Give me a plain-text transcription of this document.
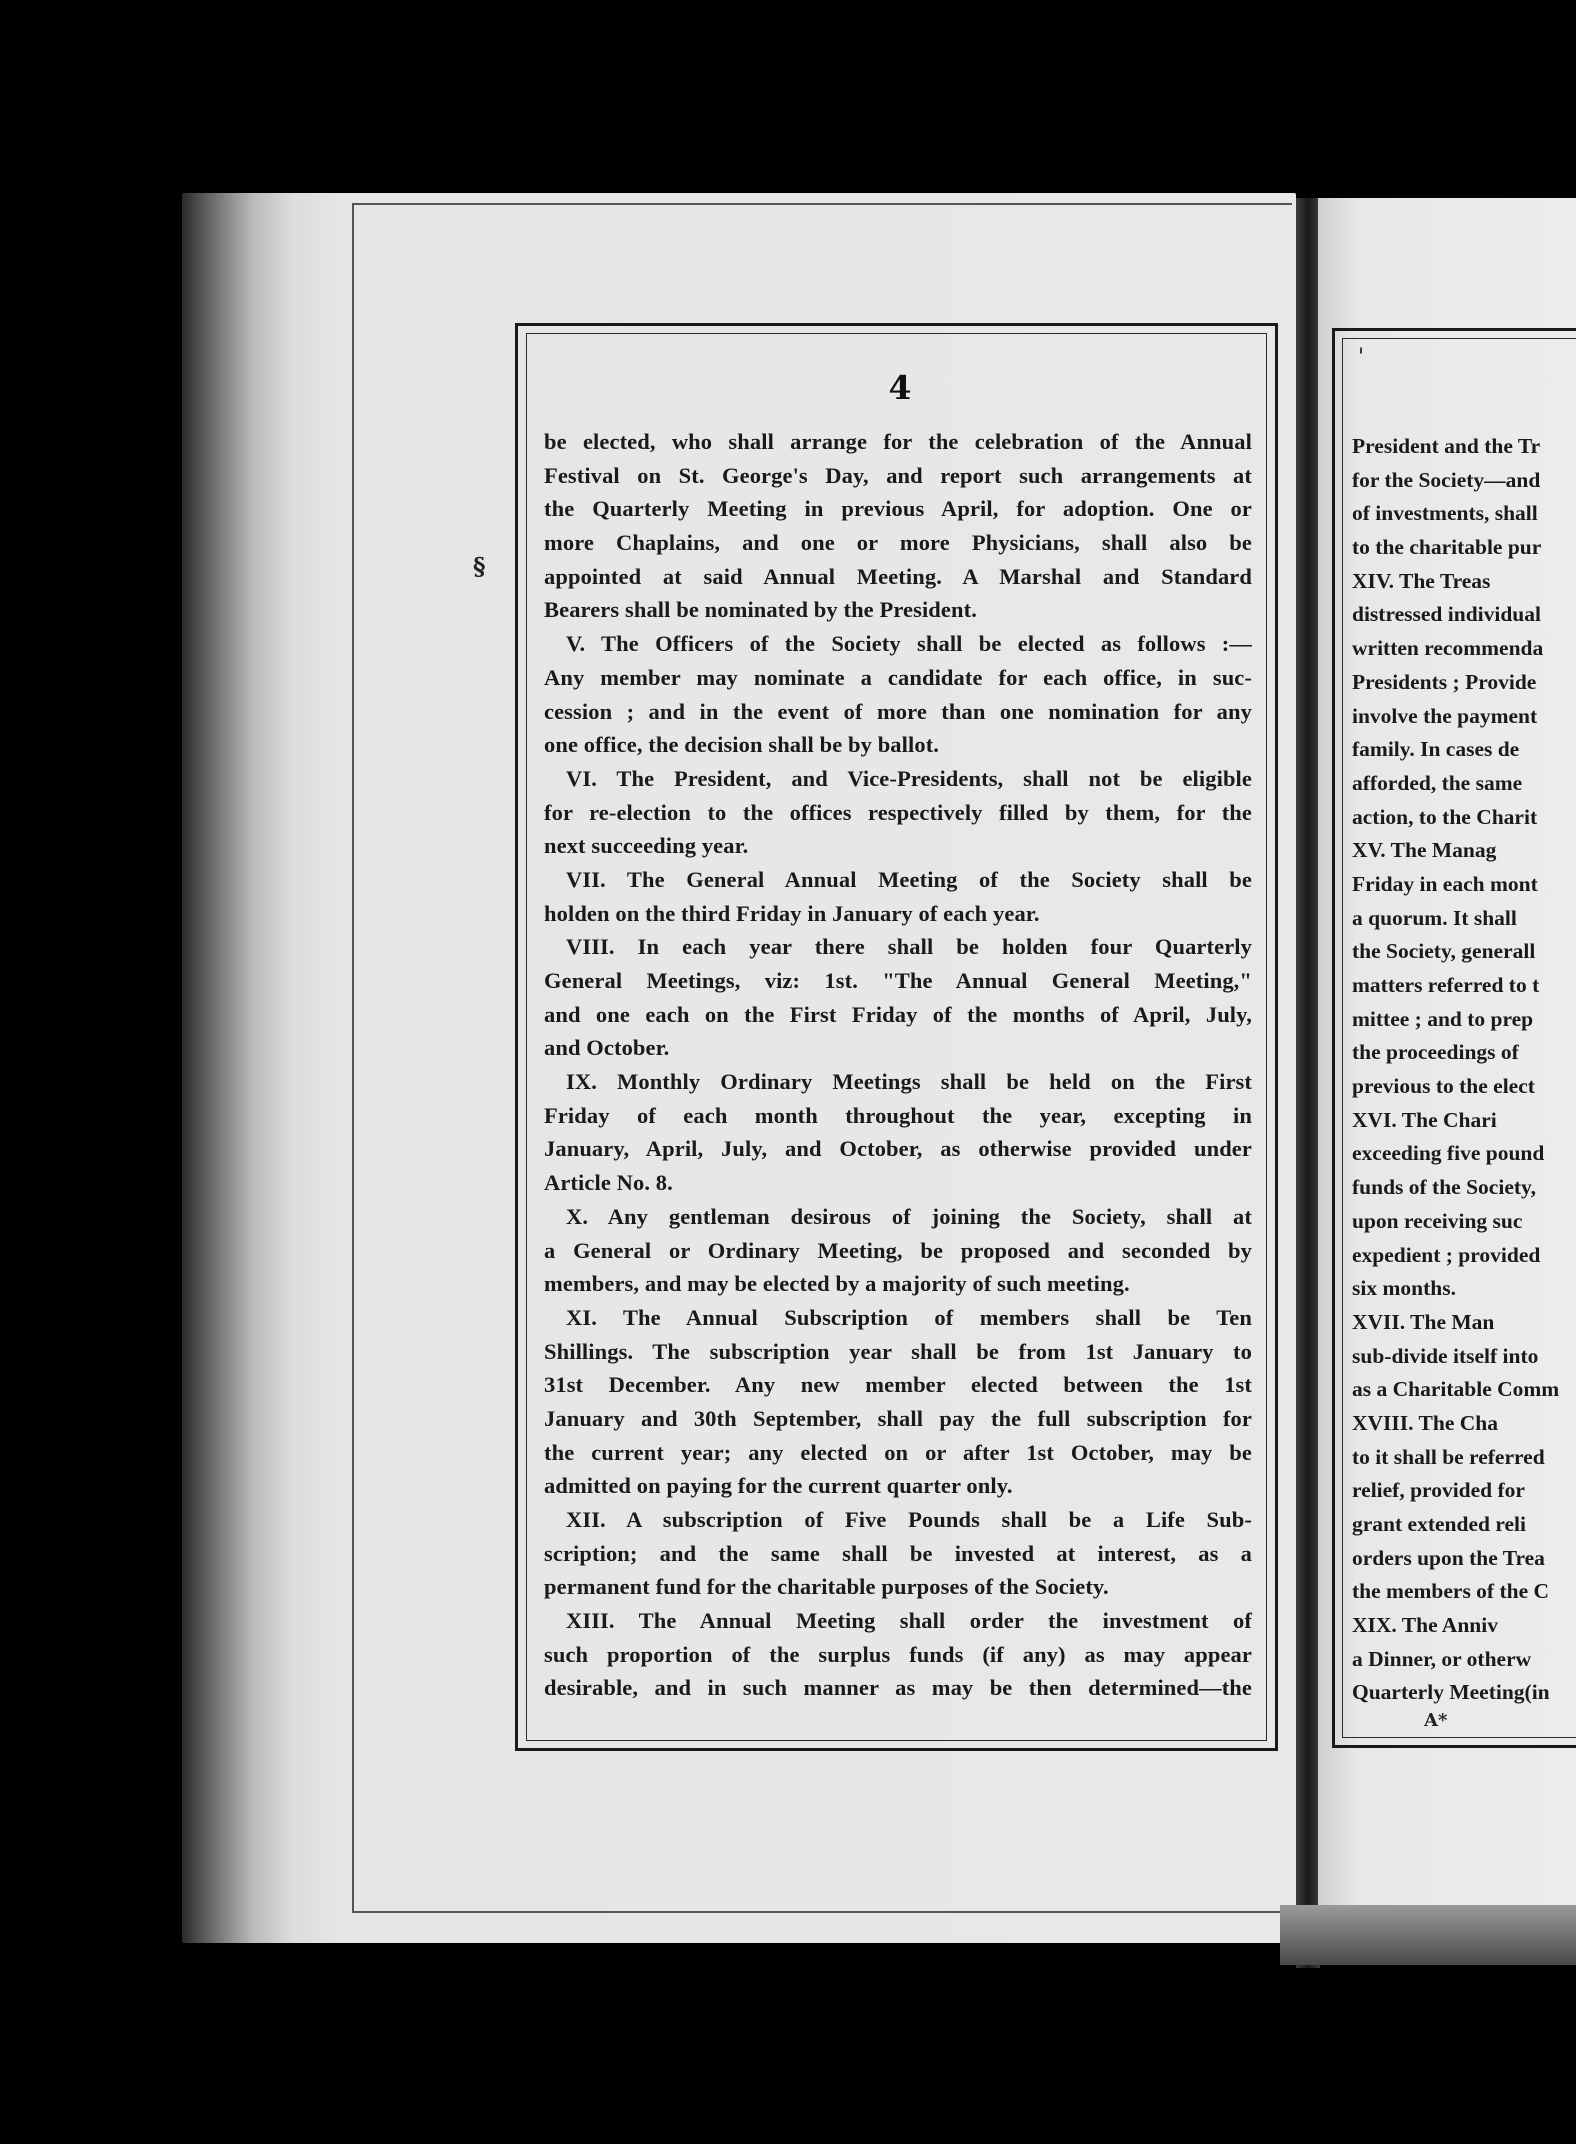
4
§
be elected, who shall arrange for the celebration of the Annual
Festival on St. George's Day, and report such arrangements at
the Quarterly Meeting in previous April, for adoption. One or
more Chaplains, and one or more Physicians, shall also be
appointed at said Annual Meeting. A Marshal and Standard
Bearers shall be nominated by the President.
V. The Officers of the Society shall be elected as follows :—
Any member may nominate a candidate for each office, in suc-
cession ; and in the event of more than one nomination for any
one office, the decision shall be by ballot.
VI. The President, and Vice-Presidents, shall not be eligible
for re-election to the offices respectively filled by them, for the
next succeeding year.
VII. The General Annual Meeting of the Society shall be
holden on the third Friday in January of each year.
VIII. In each year there shall be holden four Quarterly
General Meetings, viz: 1st. "The Annual General Meeting,"
and one each on the First Friday of the months of April, July,
and October.
IX. Monthly Ordinary Meetings shall be held on the First
Friday of each month throughout the year, excepting in
January, April, July, and October, as otherwise provided under
Article No. 8.
X. Any gentleman desirous of joining the Society, shall at
a General or Ordinary Meeting, be proposed and seconded by
members, and may be elected by a majority of such meeting.
XI. The Annual Subscription of members shall be Ten
Shillings. The subscription year shall be from 1st January to
31st December. Any new member elected between the 1st
January and 30th September, shall pay the full subscription for
the current year; any elected on or after 1st October, may be
admitted on paying for the current quarter only.
XII. A subscription of Five Pounds shall be a Life Sub-
scription; and the same shall be invested at interest, as a
permanent fund for the charitable purposes of the Society.
XIII. The Annual Meeting shall order the investment of
such proportion of the surplus funds (if any) as may appear
desirable, and in such manner as may be then determined—the
'
President and the Tr
for the Society—and
of investments, shall
to the charitable pur
XIV. The Treas
distressed individual
written recommenda
Presidents ; Provide
involve the payment
family. In cases de
afforded, the same
action, to the Charit
XV. The Manag
Friday in each mont
a quorum. It shall
the Society, generall
matters referred to t
mittee ; and to prep
the proceedings of
previous to the elect
XVI. The Chari
exceeding five pound
funds of the Society,
upon receiving suc
expedient ; provided
six months.
XVII. The Man
sub-divide itself into
as a Charitable Comm
XVIII. The Cha
to it shall be referred
relief, provided for
grant extended reli
orders upon the Trea
the members of the C
XIX. The Anniv
a Dinner, or otherw
Quarterly Meeting(in
A*
